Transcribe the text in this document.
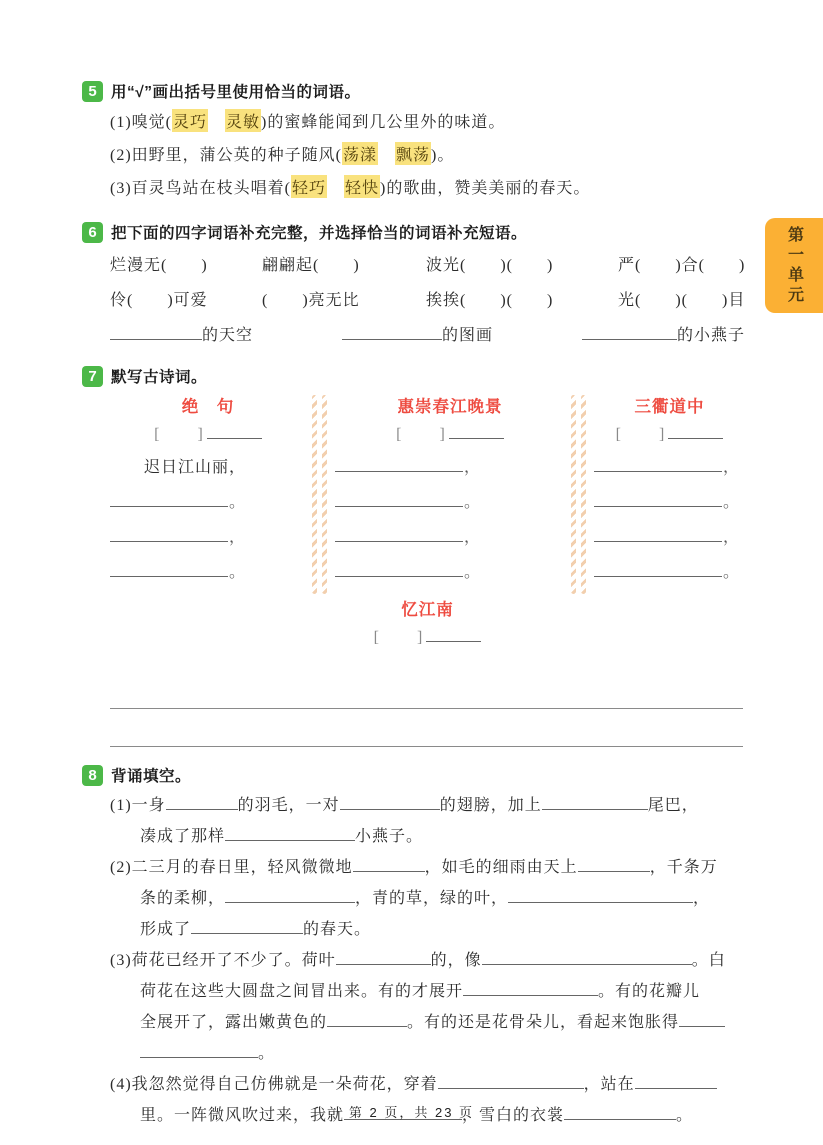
第一单元
5 用“√”画出括号里使用恰当的词语。
(1)嗅觉( 灵巧
　 灵敏 )的蜜蜂能闻到几公里外的味道。
(2)田野里，蒲公英的种子随风( 荡漾
　 飘荡 )。
(3)百灵鸟站在枝头唱着( 轻巧
　 轻快 )的歌曲，赞美美丽的春天。
6 把下面的四字词语补充完整，并选择恰当的词语补充短语。
烂漫无(　　)	翩翩起(　　)	波光(　　)(　　)	严(　　)合(　　)
伶(　　)可爱	(　　)亮无比	挨挨(　　)(　　)	光(　　)(　　)目
的天空	的图画	的小燕子
7 默写古诗词。
绝　句
[　　]
迟日江山丽，
。
，
。
惠崇春江晚景
[　　]
，
。
，
。
三衢道中
[　　]
，
。
，
。
忆江南
[　　]
8 背诵填空。
(1)一身	的羽毛，一对	的翅膀，加上	尾巴，
凑成了那样	小燕子。
(2)二三月的春日里，轻风微微地	，如毛的细雨由天上	，千条万
条的柔柳，	，青的草，绿的叶，	，
形成了	的春天。
(3)荷花已经开了不少了。荷叶	的，像	。白
荷花在这些大圆盘之间冒出来。有的才展开	。有的花瓣儿
全展开了，露出嫩黄色的	。有的还是花骨朵儿，看起来饱胀得
。
(4)我忽然觉得自己仿佛就是一朵荷花，穿着	，站在
里。一阵微风吹过来，我就	，雪白的衣裳	。
第 2 页，共 23 页
